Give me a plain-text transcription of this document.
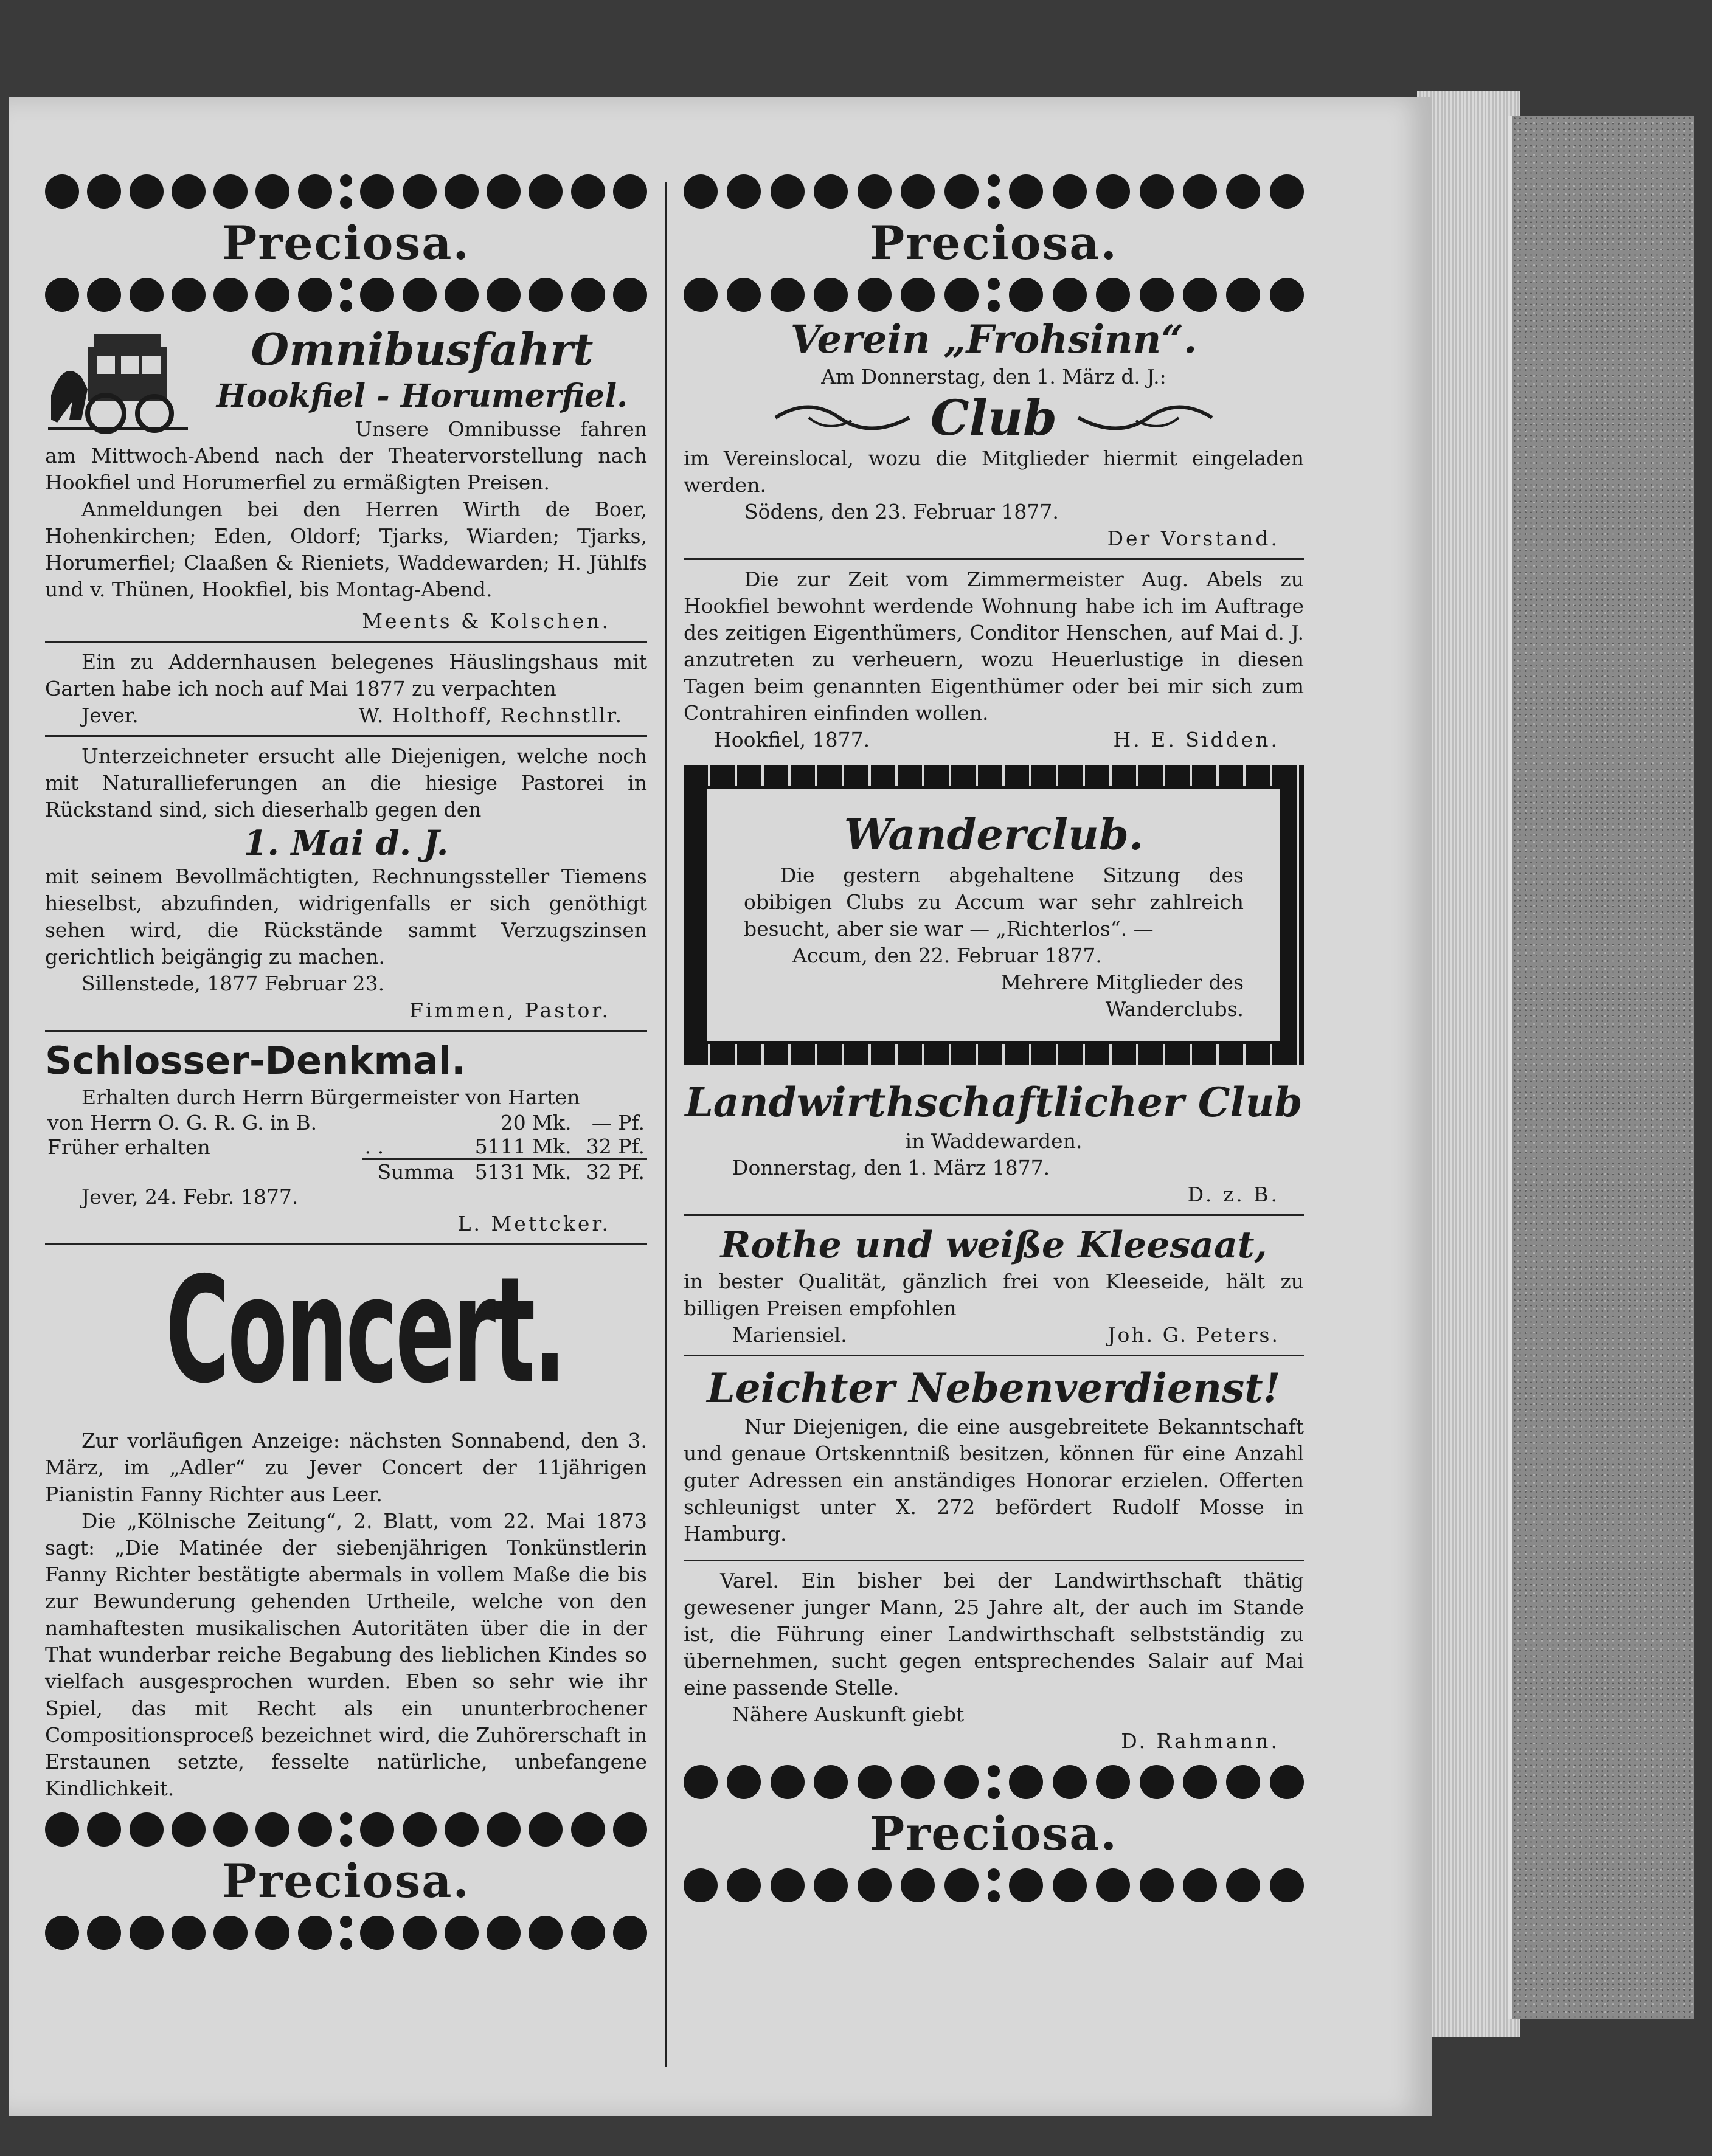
Preciosa.
Omnibusfahrt
Hookfiel - Horumerfiel.
Unsere Omnibusse fahren am Mittwoch-Abend nach der Theatervorstellung nach Hookfiel und Horumerfiel zu ermäßigten Preisen.
Anmeldungen bei den Herren Wirth de Boer, Hohenkirchen; Eden, Oldorf; Tjarks, Wiarden; Tjarks, Horumerfiel; Claaßen & Rieniets, Waddewarden; H. Jühlfs und v. Thünen, Hookfiel, bis Montag-Abend.
Meents & Kolschen.
Ein zu Addernhausen belegenes Häuslingshaus mit Garten habe ich noch auf Mai 1877 zu verpachten
Jever.	W. Holthoff, Rechnstllr.
Unterzeichneter ersucht alle Diejenigen, welche noch mit Naturallieferungen an die hiesige Pastorei in Rückstand sind, sich dieserhalb gegen den
1. Mai d. J.
mit seinem Bevollmächtigten, Rechnungssteller Tiemens hieselbst, abzufinden, widrigenfalls er sich genöthigt sehen wird, die Rückstände sammt Verzugszinsen gerichtlich beigängig zu machen.
Sillenstede, 1877 Februar 23.
Fimmen, Pastor.
Schlosser-Denkmal.
Erhalten durch Herrn Bürgermeister von Harten
von Herrn O. G. R. G. in B.		20 Mk.	— Pf.
Früher erhalten	. .	5111 Mk.	32 Pf.
	Summa	5131 Mk.	32 Pf.
Jever, 24. Febr. 1877.
L. Mettcker.
Concert.
Zur vorläufigen Anzeige: nächsten Sonnabend, den 3. März, im „Adler“ zu Jever Concert der 11jährigen Pianistin Fanny Richter aus Leer.
Die „Kölnische Zeitung“, 2. Blatt, vom 22. Mai 1873 sagt: „Die Matinée der siebenjährigen Tonkünstlerin Fanny Richter bestätigte abermals in vollem Maße die bis zur Bewunderung gehenden Urtheile, welche von den namhaftesten musikalischen Autoritäten über die in der That wunderbar reiche Begabung des lieblichen Kindes so vielfach ausgesprochen wurden. Eben so sehr wie ihr Spiel, das mit Recht als ein ununterbrochener Compositionsproceß bezeichnet wird, die Zuhörerschaft in Erstaunen setzte, fesselte natürliche, unbefangene Kindlichkeit.
Preciosa.
Preciosa.
Verein „Frohsinn“.
Am Donnerstag, den 1. März d. J.:
Club
im Vereinslocal, wozu die Mitglieder hiermit eingeladen werden.
Södens, den 23. Februar 1877.
Der Vorstand.
Die zur Zeit vom Zimmermeister Aug. Abels zu Hookfiel bewohnt werdende Wohnung habe ich im Auftrage des zeitigen Eigenthümers, Conditor Henschen, auf Mai d. J. anzutreten zu verheuern, wozu Heuerlustige in diesen Tagen beim genannten Eigenthümer oder bei mir sich zum Contrahiren einfinden wollen.
Hookfiel, 1877.	H. E. Sidden.
Wanderclub.
Die gestern abgehaltene Sitzung des obibigen Clubs zu Accum war sehr zahlreich besucht, aber sie war — „Richterlos“. —
Accum, den 22. Februar 1877.
Mehrere Mitglieder des Wanderclubs.
Landwirthschaftlicher Club
in Waddewarden.
Donnerstag, den 1. März 1877.
D. z. B.
Rothe und weiße Kleesaat,
in bester Qualität, gänzlich frei von Kleeseide, hält zu billigen Preisen empfohlen
Mariensiel.	Joh. G. Peters.
Leichter Nebenverdienst!
Nur Diejenigen, die eine ausgebreitete Bekanntschaft und genaue Ortskenntniß besitzen, können für eine Anzahl guter Adressen ein anständiges Honorar erzielen. Offerten schleunigst unter X. 272 befördert Rudolf Mosse in Hamburg.
Varel. Ein bisher bei der Landwirthschaft thätig gewesener junger Mann, 25 Jahre alt, der auch im Stande ist, die Führung einer Landwirthschaft selbstständig zu übernehmen, sucht gegen entsprechendes Salair auf Mai eine passende Stelle.
Nähere Auskunft giebt
D. Rahmann.
Preciosa.
